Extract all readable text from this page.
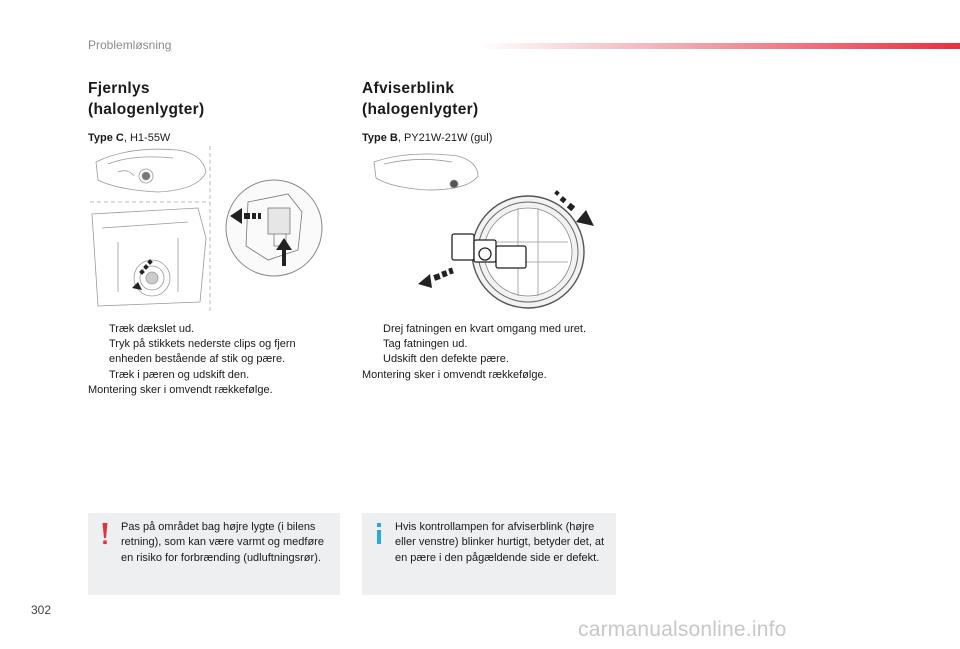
Problemløsning
Fjernlys
(halogenlygter)
Type C, H1-55W
Træk dækslet ud.
Tryk på stikkets nederste clips og fjern enheden bestående af stik og pære.
Træk i pæren og udskift den.
Montering sker i omvendt rækkefølge.
Afviserblink
(halogenlygter)
Type B, PY21W-21W (gul)
Drej fatningen en kvart omgang med uret.
Tag fatningen ud.
Udskift den defekte pære.
Montering sker i omvendt rækkefølge.
Pas på området bag højre lygte (i bilens retning), som kan være varmt og medføre en risiko for forbrænding (udluftningsrør).
Hvis kontrollampen for afviserblink (højre eller venstre) blinker hurtigt, betyder det, at en pære i den pågældende side er defekt.
302
carmanualsonline.info
